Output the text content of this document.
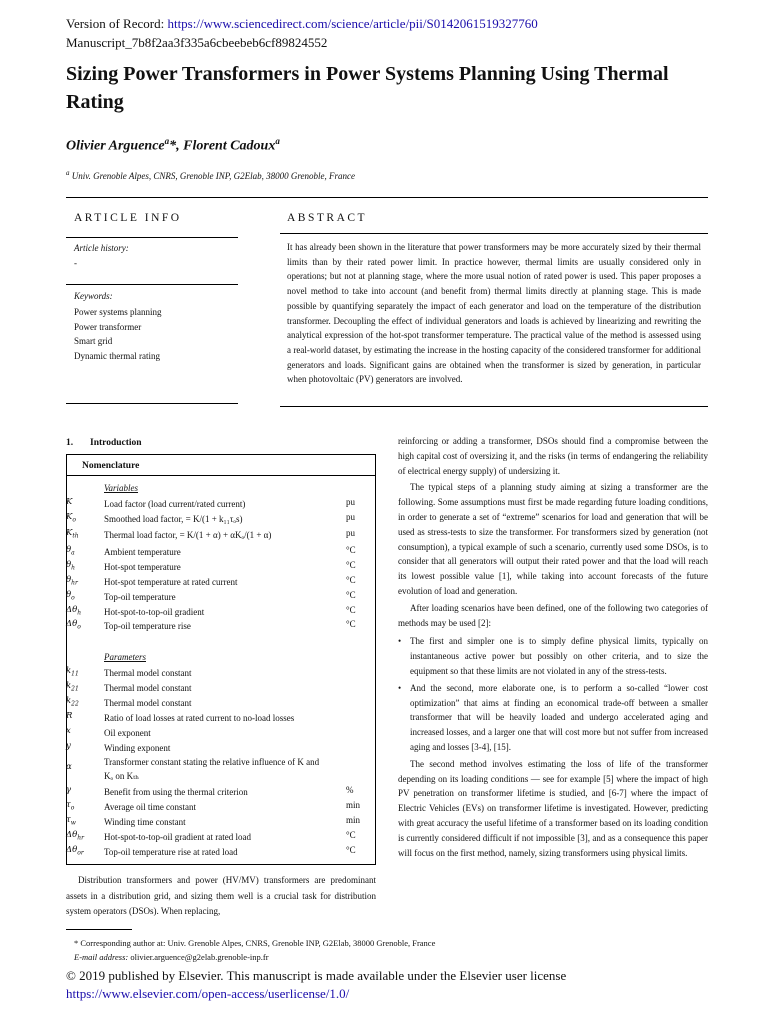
Version of Record: https://www.sciencedirect.com/science/article/pii/S0142061519327760
Manuscript_7b8f2aa3f335a6cbeebeb6cf89824552
Sizing Power Transformers in Power Systems Planning Using Thermal Rating
Olivier Arguence$^a$*, Florent Cadoux$^a$
$^a$ Univ. Grenoble Alpes, CNRS, Grenoble INP, G2Elab, 38000 Grenoble, France
ARTICLE INFO	ABSTRACT
Article history:
-
Keywords:
Power systems planning
Power transformer
Smart grid
Dynamic thermal rating
It has already been shown in the literature that power transformers may be more accurately sized by their thermal limits than by their rated power limit. In practice however, thermal limits are usually considered only in operations; but not at planning stage, where the more usual notion of rated power is used. This paper proposes a novel method to take into account (and benefit from) thermal limits directly at planning stage. This is made possible by quantifying separately the impact of each generator and load on the temperature of the distribution transformer. Decoupling the effect of individual generators and loads is achieved by linearizing and rewriting the analytical expression of the hot-spot transformer temperature. The practical value of the method is assessed using a real-world dataset, by estimating the increase in the hosting capacity of the considered transformer for additional generators and loads. Significant gains are obtained when the transformer is sized by generation, in particular when photovoltaic (PV) generators are involved.
1. Introduction
Nomenclature
Variables
K	Load factor (load current/rated current)	pu
$K_o$	Smoothed load factor, = K/(1 + k₁₁τₒs)	pu
$K_{th}$	Thermal load factor, = K/(1 + α) + αKₒ/(1 + α)	pu
$\theta_a$	Ambient temperature	°C
$\theta_h$	Hot-spot temperature	°C
$\theta_{hr}$	Hot-spot temperature at rated current	°C
$\theta_o$	Top-oil temperature	°C
$\Delta\theta_h$	Hot-spot-to-top-oil gradient	°C
$\Delta\theta_o$	Top-oil temperature rise	°C
Parameters
$k_{11}$	Thermal model constant
$k_{21}$	Thermal model constant
$k_{22}$	Thermal model constant
R	Ratio of load losses at rated current to no-load losses
x	Oil exponent
y	Winding exponent
α	Transformer constant stating the relative influence of K and Kₒ on Kₜₕ
γ	Benefit from using the thermal criterion	%
$\tau_o$	Average oil time constant	min
$\tau_w$	Winding time constant	min
$\Delta\theta_{hr}$ Hot-spot-to-top-oil gradient at rated load	°C
$\Delta\theta_{or}$ Top-oil temperature rise at rated load	°C
Distribution transformers and power (HV/MV) transformers are predominant assets in a distribution grid, and sizing them well is a crucial task for distribution system operators (DSOs). When replacing,
* Corresponding author at: Univ. Grenoble Alpes, CNRS, Grenoble INP, G2Elab, 38000 Grenoble, France
E-mail address: olivier.arguence@g2elab.grenoble-inp.fr

reinforcing or adding a transformer, DSOs should find a compromise between the high capital cost of oversizing it, and the risks (in terms of endangering the reliability of electrical energy supply) of undersizing it.

The typical steps of a planning study aiming at sizing a transformer are the following. Some assumptions must first be made regarding future loading conditions, in order to generate a set of “extreme” scenarios for load and generation that will be used as stress-tests to size the transformer. For transformers sized by generation (not consumption), a typical example of such a scenario, currently used some DSOs, is to consider that all generators will output their rated power and that the load will reach its lowest possible value [1], while taking into account forecasts of the future evolution of load and generation.

After loading scenarios have been defined, one of the following two categories of methods may be used [2]:

• The first and simpler one is to simply define physical limits, typically on instantaneous active power but possibly on other criteria, and to size the equipment so that these limits are not violated in any of the stress-tests.
• And the second, more elaborate one, is to perform a so-called “lower cost optimization” that aims at finding an economical trade-off between a smaller transformer that will be heavily loaded and undergo accelerated aging and increased losses, and a larger one that will cost more but not suffer from increased aging and losses [3-4], [15].

The second method involves estimating the loss of life of the transformer depending on its loading conditions — see for example [5] where the impact of high PV penetration on transformer lifetime is studied, and [6-7] where the impact of Electric Vehicles (EVs) on transformer lifetime is investigated. However, predicting with great accuracy the useful lifetime of a transformer based on its loading condition is currently considered difficult if not impossible [3], and as a consequence this paper will focus on the first method, namely, sizing transformers using physical limits.

© 2019 published by Elsevier. This manuscript is made available under the Elsevier user license
https://www.elsevier.com/open-access/userlicense/1.0/
